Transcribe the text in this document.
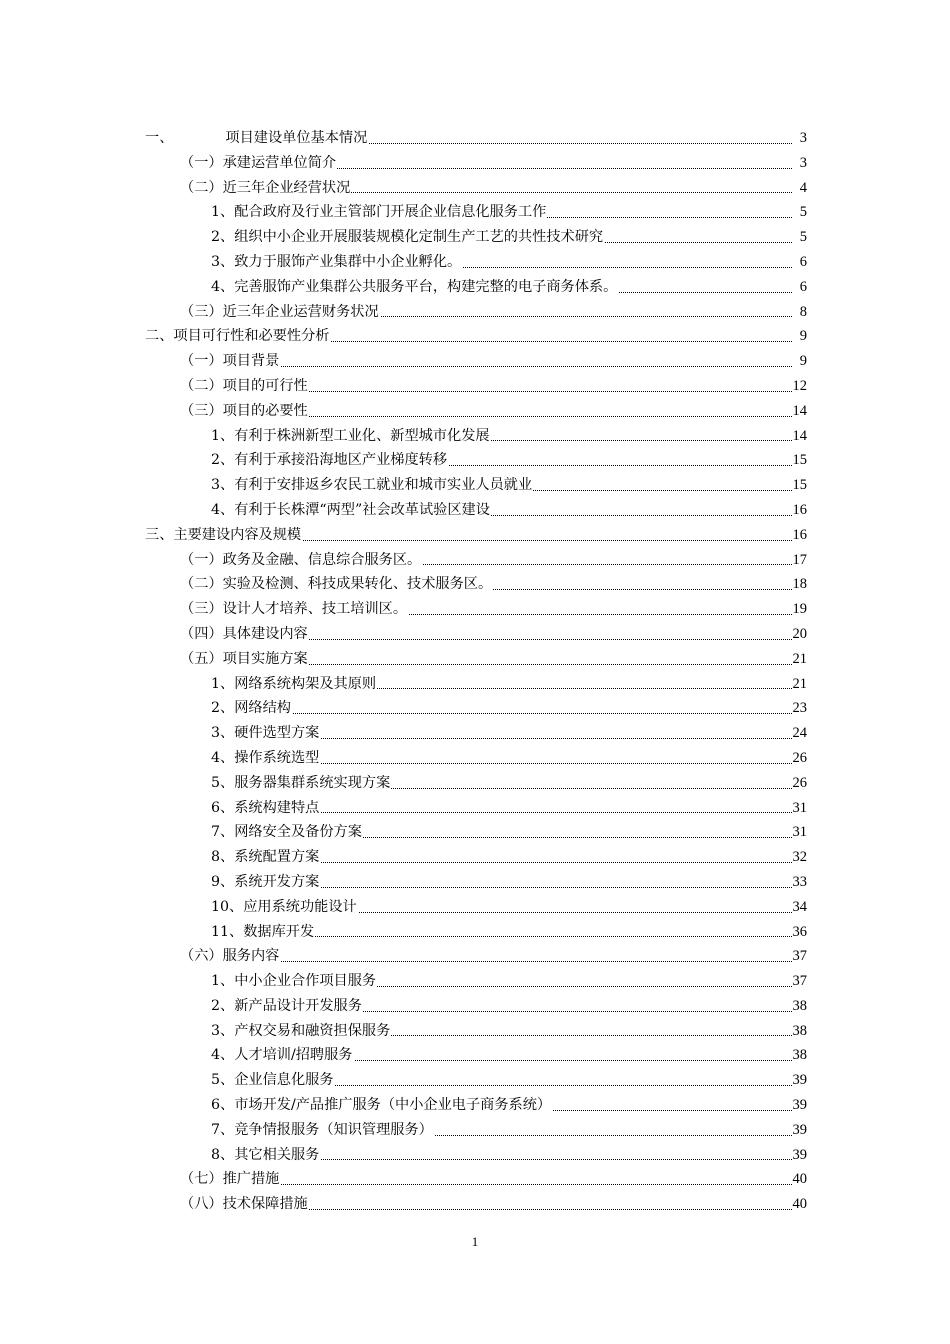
一、	项目建设单位基本情况	3
（一）承建运营单位简介	3
（二）近三年企业经营状况	4
1、配合政府及行业主管部门开展企业信息化服务工作	5
2、组织中小企业开展服装规模化定制生产工艺的共性技术研究	5
3、致力于服饰产业集群中小企业孵化。	6
4、完善服饰产业集群公共服务平台，构建完整的电子商务体系。	6
（三）近三年企业运营财务状况	8
二、项目可行性和必要性分析	9
（一）项目背景	9
（二）项目的可行性	12
（三）项目的必要性	14
1、有利于株洲新型工业化、新型城市化发展	14
2、有利于承接沿海地区产业梯度转移	15
3、有利于安排返乡农民工就业和城市实业人员就业	15
4、有利于长株潭“两型”社会改革试验区建设	16
三、主要建设内容及规模	16
（一）政务及金融、信息综合服务区。	17
（二）实验及检测、科技成果转化、技术服务区。	18
（三）设计人才培养、技工培训区。	19
（四）具体建设内容	20
（五）项目实施方案	21
1、网络系统构架及其原则	21
2、网络结构	23
3、硬件选型方案	24
4、操作系统选型	26
5、服务器集群系统实现方案	26
6、系统构建特点	31
7、网络安全及备份方案	31
8、系统配置方案	32
9、系统开发方案	33
10、应用系统功能设计	34
11、数据库开发	36
（六）服务内容	37
1、中小企业合作项目服务	37
2、新产品设计开发服务	38
3、产权交易和融资担保服务	38
4、人才培训/招聘服务	38
5、企业信息化服务	39
6、市场开发/产品推广服务（中小企业电子商务系统）	39
7、竞争情报服务（知识管理服务）	39
8、其它相关服务	39
（七）推广措施	40
（八）技术保障措施	40
1
